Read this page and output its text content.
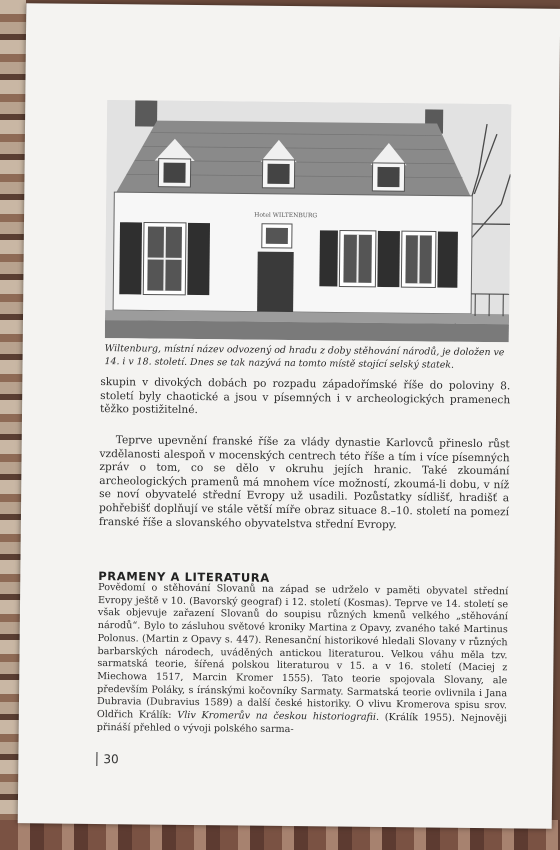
Hotel WILTENBURG
Wiltenburg, místní název odvozený od hradu z doby stěhování národů, je doložen ve 14. i v 18. století. Dnes se tak nazývá na tomto místě stojící selský statek.

skupin v divokých dobách po rozpadu západořímské říše do poloviny 8. století byly chaotické a jsou v písemných i v archeologických pramenech těžko postižitelné.

Teprve upevnění franské říše za vlády dynastie Karlovců přineslo růst vzdělanosti alespoň v mocenských centrech této říše a tím i více písemných zpráv o tom, co se dělo v okruhu jejích hranic. Také zkoumání archeologických pramenů má mnohem více možností, zkoumá-li dobu, v níž se noví obyvatelé střední Evropy už usadili. Pozůstatky sídlišť, hradišť a pohřebišť doplňují ve stále větší míře obraz situace 8.–10. století na pomezí franské říše a slovanského obyvatelstva střední Evropy.

PRAMENY A LITERATURA

Povědomí o stěhování Slovanů na západ se udrželo v paměti obyvatel střední Evropy ještě v 10. (Bavorský geograf) i 12. století (Kosmas). Teprve ve 14. století se však objevuje zařazení Slovanů do soupisu různých kmenů velkého „stěhování národů“. Bylo to zásluhou světové kroniky Martina z Opavy, zvaného také Martinus Polonus. (Martin z Opavy s. 447). Renesanční historikové hledali Slovany v různých barbarských národech, uváděných antickou literaturou. Velkou váhu měla tzv. sarmatská teorie, šířená polskou literaturou v 15. a v 16. století (Maciej z Miechowa 1517, Marcin Kromer 1555). Tato teorie spojovala Slovany, ale především Poláky, s íránskými kočovníky Sarmaty. Sarmatská teorie ovlivnila i Jana Dubravia (Dubravius 1589) a další české historiky. O vlivu Kromerova spisu srov. Oldřich Králík: Vliv Kromerův na českou historiografii. (Králík 1955). Nejnověji přináší přehled o vývoji polského sarma-

30
